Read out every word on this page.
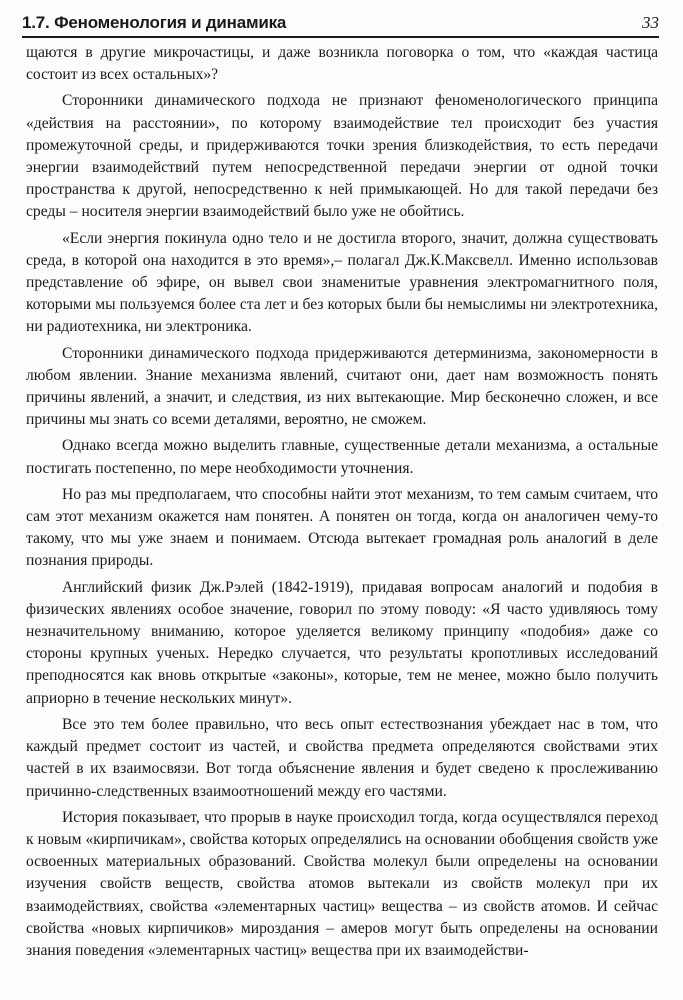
1.7. Феноменология и динамика	33

щаются в другие микрочастицы, и даже возникла поговорка о том, что «каждая частица состоит из всех остальных»?

Сторонники динамического подхода не признают феноменологического принципа «действия на расстоянии», по которому взаимодействие тел происходит без участия промежуточной среды, и придерживаются точки зрения близкодействия, то есть передачи энергии взаимодействий путем непосредственной передачи энергии от одной точки пространства к другой, непосредственно к ней примыкающей. Но для такой передачи без среды – носителя энергии взаимодействий было уже не обойтись.

«Если энергия покинула одно тело и не достигла второго, значит, должна существовать среда, в которой она находится в это время»,– полагал Дж.К.Максвелл. Именно использовав представление об эфире, он вывел свои знаменитые уравнения электромагнитного поля, которыми мы пользуемся более ста лет и без которых были бы немыслимы ни электротехника, ни радиотехника, ни электроника.

Сторонники динамического подхода придерживаются детерминизма, закономерности в любом явлении. Знание механизма явлений, считают они, дает нам возможность понять причины явлений, а значит, и следствия, из них вытекающие. Мир бесконечно сложен, и все причины мы знать со всеми деталями, вероятно, не сможем.

Однако всегда можно выделить главные, существенные детали механизма, а остальные постигать постепенно, по мере необходимости уточнения.

Но раз мы предполагаем, что способны найти этот механизм, то тем самым считаем, что сам этот механизм окажется нам понятен. А понятен он тогда, когда он аналогичен чему-то такому, что мы уже знаем и понимаем. Отсюда вытекает громадная роль аналогий в деле познания природы.

Английский физик Дж.Рэлей (1842-1919), придавая вопросам аналогий и подобия в физических явлениях особое значение, говорил по этому поводу: «Я часто удивляюсь тому незначительному вниманию, которое уделяется великому принципу «подобия» даже со стороны крупных ученых. Нередко случается, что результаты кропотливых исследований преподносятся как вновь открытые «законы», которые, тем не менее, можно было получить априорно в течение нескольких минут».

Все это тем более правильно, что весь опыт естествознания убеждает нас в том, что каждый предмет состоит из частей, и свойства предмета определяются свойствами этих частей в их взаимосвязи. Вот тогда объяснение явления и будет сведено к прослеживанию причинно-следственных взаимоотношений между его частями.

История показывает, что прорыв в науке происходил тогда, когда осуществлялся переход к новым «кирпичикам», свойства которых определялись на основании обобщения свойств уже освоенных материальных образований. Свойства молекул были определены на основании изучения свойств веществ, свойства атомов вытекали из свойств молекул при их взаимодействиях, свойства «элементарных частиц» вещества – из свойств атомов. И сейчас свойства «новых кирпичиков» мироздания – амеров могут быть определены на основании знания поведения «элементарных частиц» вещества при их взаимодействи-
